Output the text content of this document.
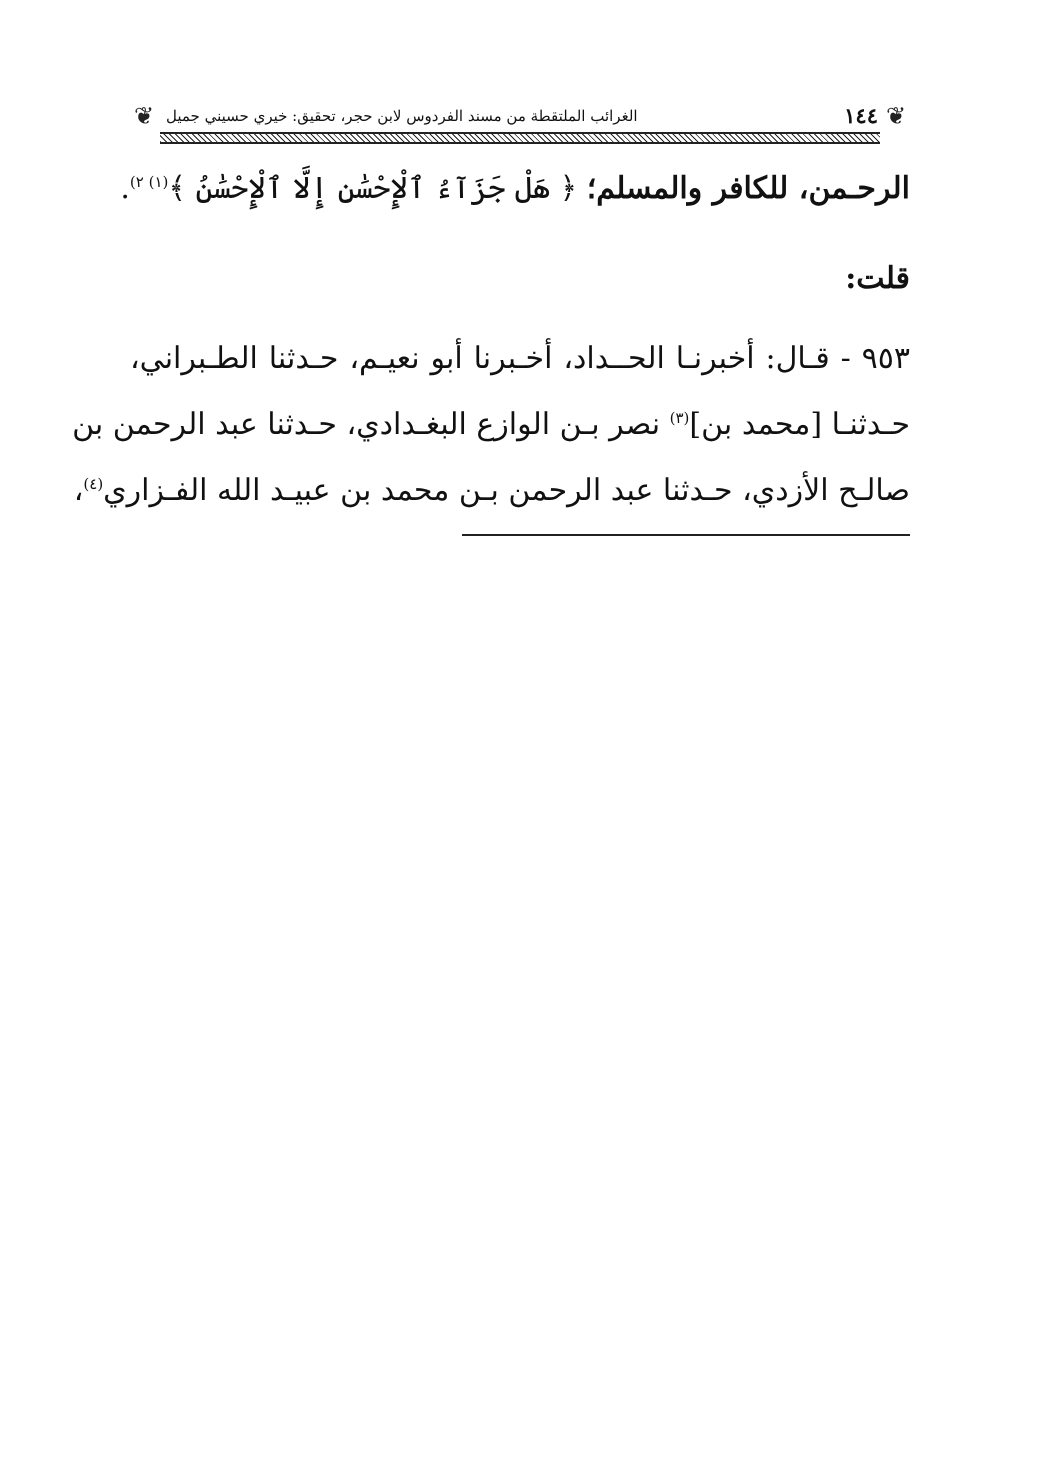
❦
١٤٤
الغرائب الملتقطة من مسند الفردوس لابن حجر، تحقيق: خيري حسيني جميل
❦
الرحـمن، للكافر والمسلم؛ ﴿ هَلْ جَزَآءُ ٱلْإِحْسَٰنِ إِلَّا ٱلْإِحْسَٰنُ ﴾$^{(١) ٢)}$.
قلت:
٩٥٣ - قـال: أخبرنـا الحــداد، أخـبرنا أبو نعيـم، حـدثنا الطـبراني،
حـدثنـا [محمد بن]$^{(٣)}$ نصر بـن الوازع البغـدادي، حـدثنا عبد الرحمن بن
صالـح الأزدي، حـدثنا عبد الرحمن بـن محمد بن عبيـد الله الفـزاري$^{(٤)}$،
